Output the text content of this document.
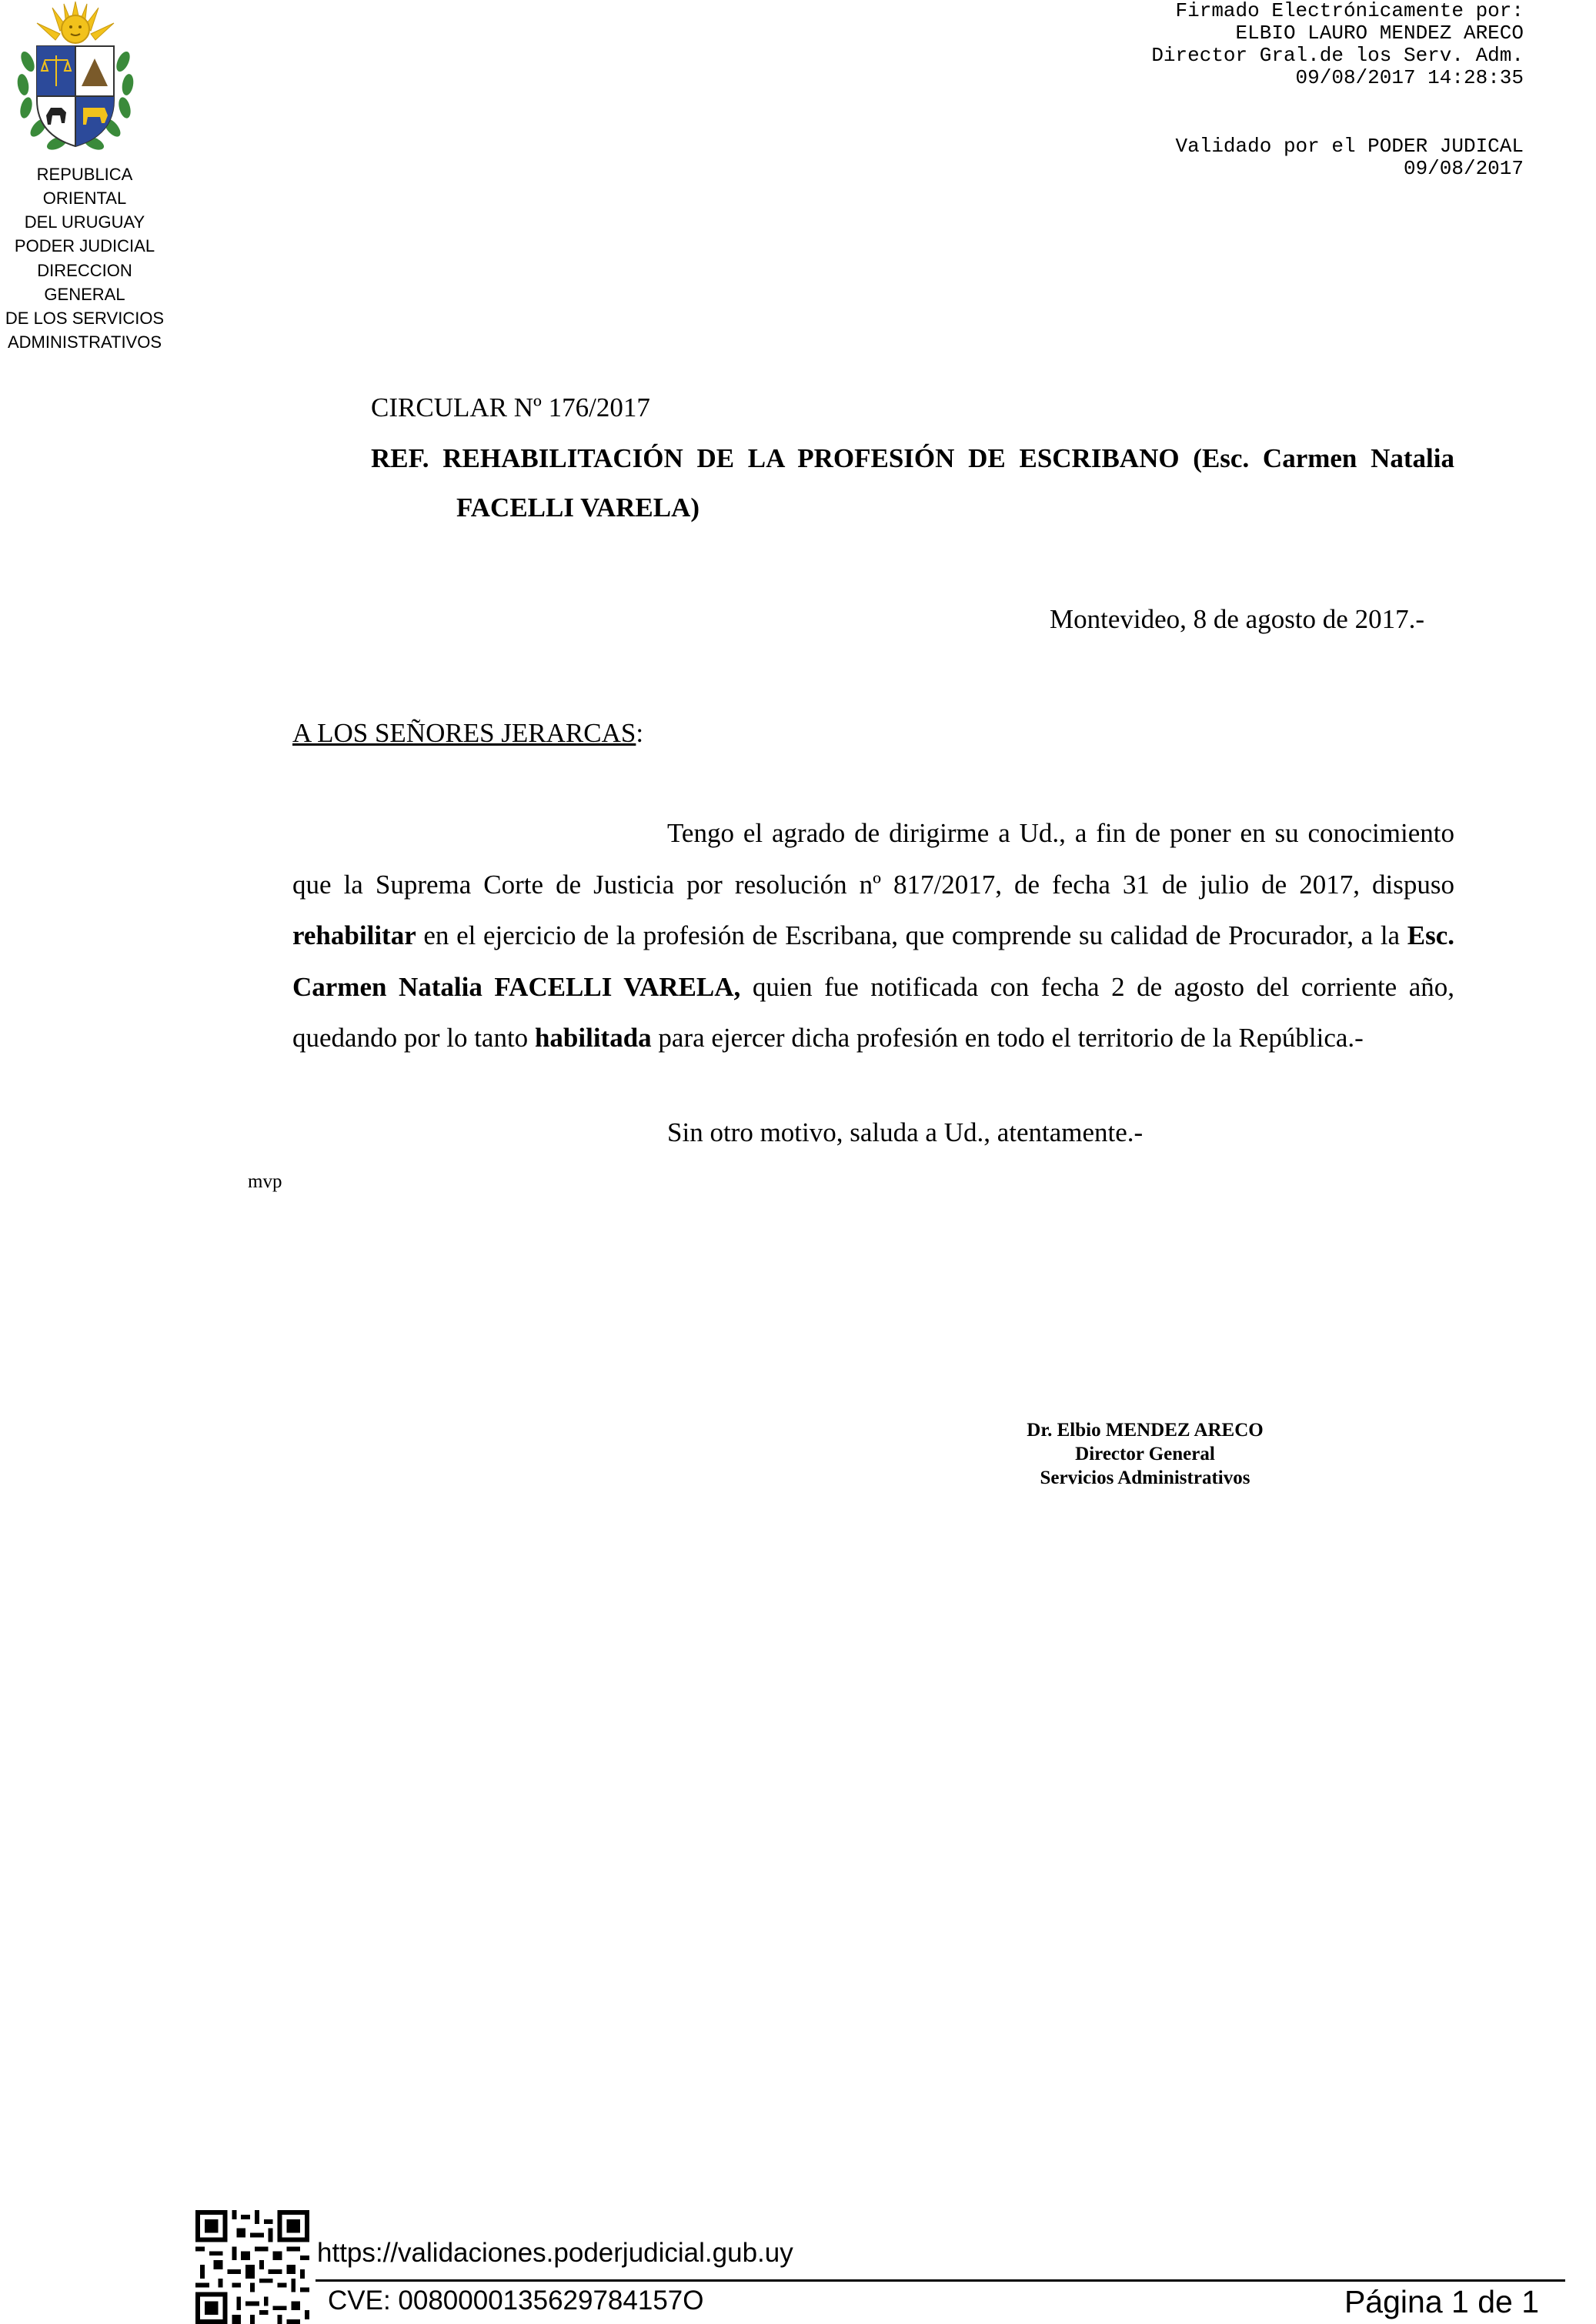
REPUBLICA ORIENTAL
DEL URUGUAY
PODER JUDICIAL
DIRECCION GENERAL
DE LOS SERVICIOS
ADMINISTRATIVOS
Firmado Electrónicamente por:
ELBIO LAURO MENDEZ ARECO
Director Gral.de los Serv. Adm.
09/08/2017 14:28:35
Validado por el PODER JUDICAL
09/08/2017
CIRCULAR Nº 176/2017
REF. REHABILITACIÓN DE LA PROFESIÓN DE ESCRIBANO (Esc. Carmen Natalia
FACELLI VARELA)
Montevideo, 8 de agosto de 2017.-
A LOS SEÑORES JERARCAS:
Tengo el agrado de dirigirme a Ud., a fin de poner en su conocimiento que la Suprema Corte de Justicia por resolución nº 817/2017, de fecha 31 de julio de 2017, dispuso rehabilitar en el ejercicio de la profesión de Escribana, que comprende su calidad de Procurador, a la Esc. Carmen Natalia FACELLI VARELA, quien fue notificada con fecha 2 de agosto del corriente año, quedando por lo tanto habilitada para ejercer dicha profesión en todo el territorio de la República.-
Sin otro motivo, saluda a Ud., atentamente.-
mvp
Dr. Elbio MENDEZ ARECO
Director General
Servicios Administrativos
https://validaciones.poderjudicial.gub.uy
CVE: 0080000135629784157O	Página 1 de 1
